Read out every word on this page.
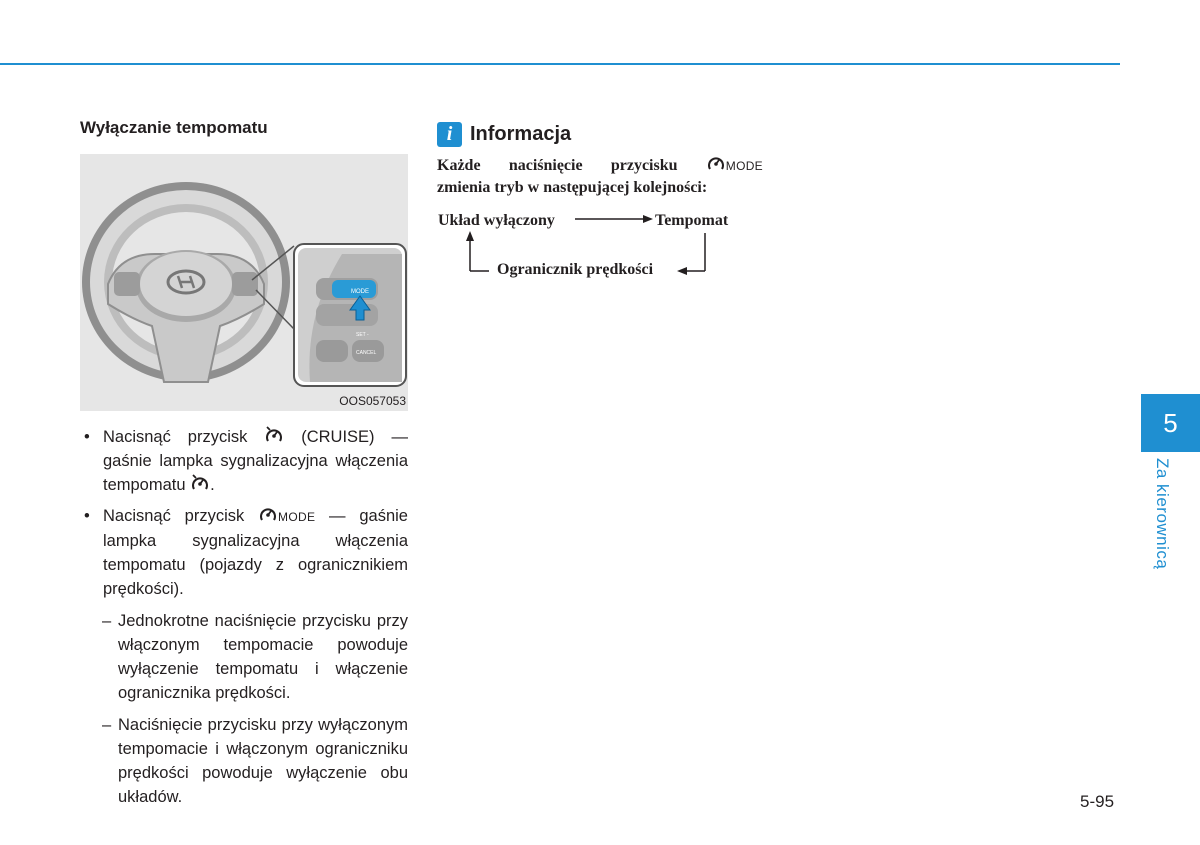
Wyłączanie tempomatu
MODE
SET -
CANCEL
OOS057053
• Nacisnąć przycisk	(CRUISE) — gaśnie lampka sygnalizacyjna włączenia tempomatu .
• Nacisnąć przycisk	MODE — gaśnie lampka sygnalizacyjna włączenia tempomatu (pojazdy z ogranicznikiem prędkości).
– Jednokrotne naciśnięcie przycisku przy włączonym tempomacie powoduje wyłączenie tempomatu i włączenie ogranicznika prędkości.
– Naciśnięcie przycisku przy wyłączonym tempomacie i włączonym ograniczniku prędkości powoduje wyłączenie obu układów.
i Informacja
Każde naciśnięcie przycisku	MODE
zmienia tryb w następującej kolejności:
Układ wyłączony	Tempomat
Ogranicznik prędkości
5
Za kierownicą
5-95
